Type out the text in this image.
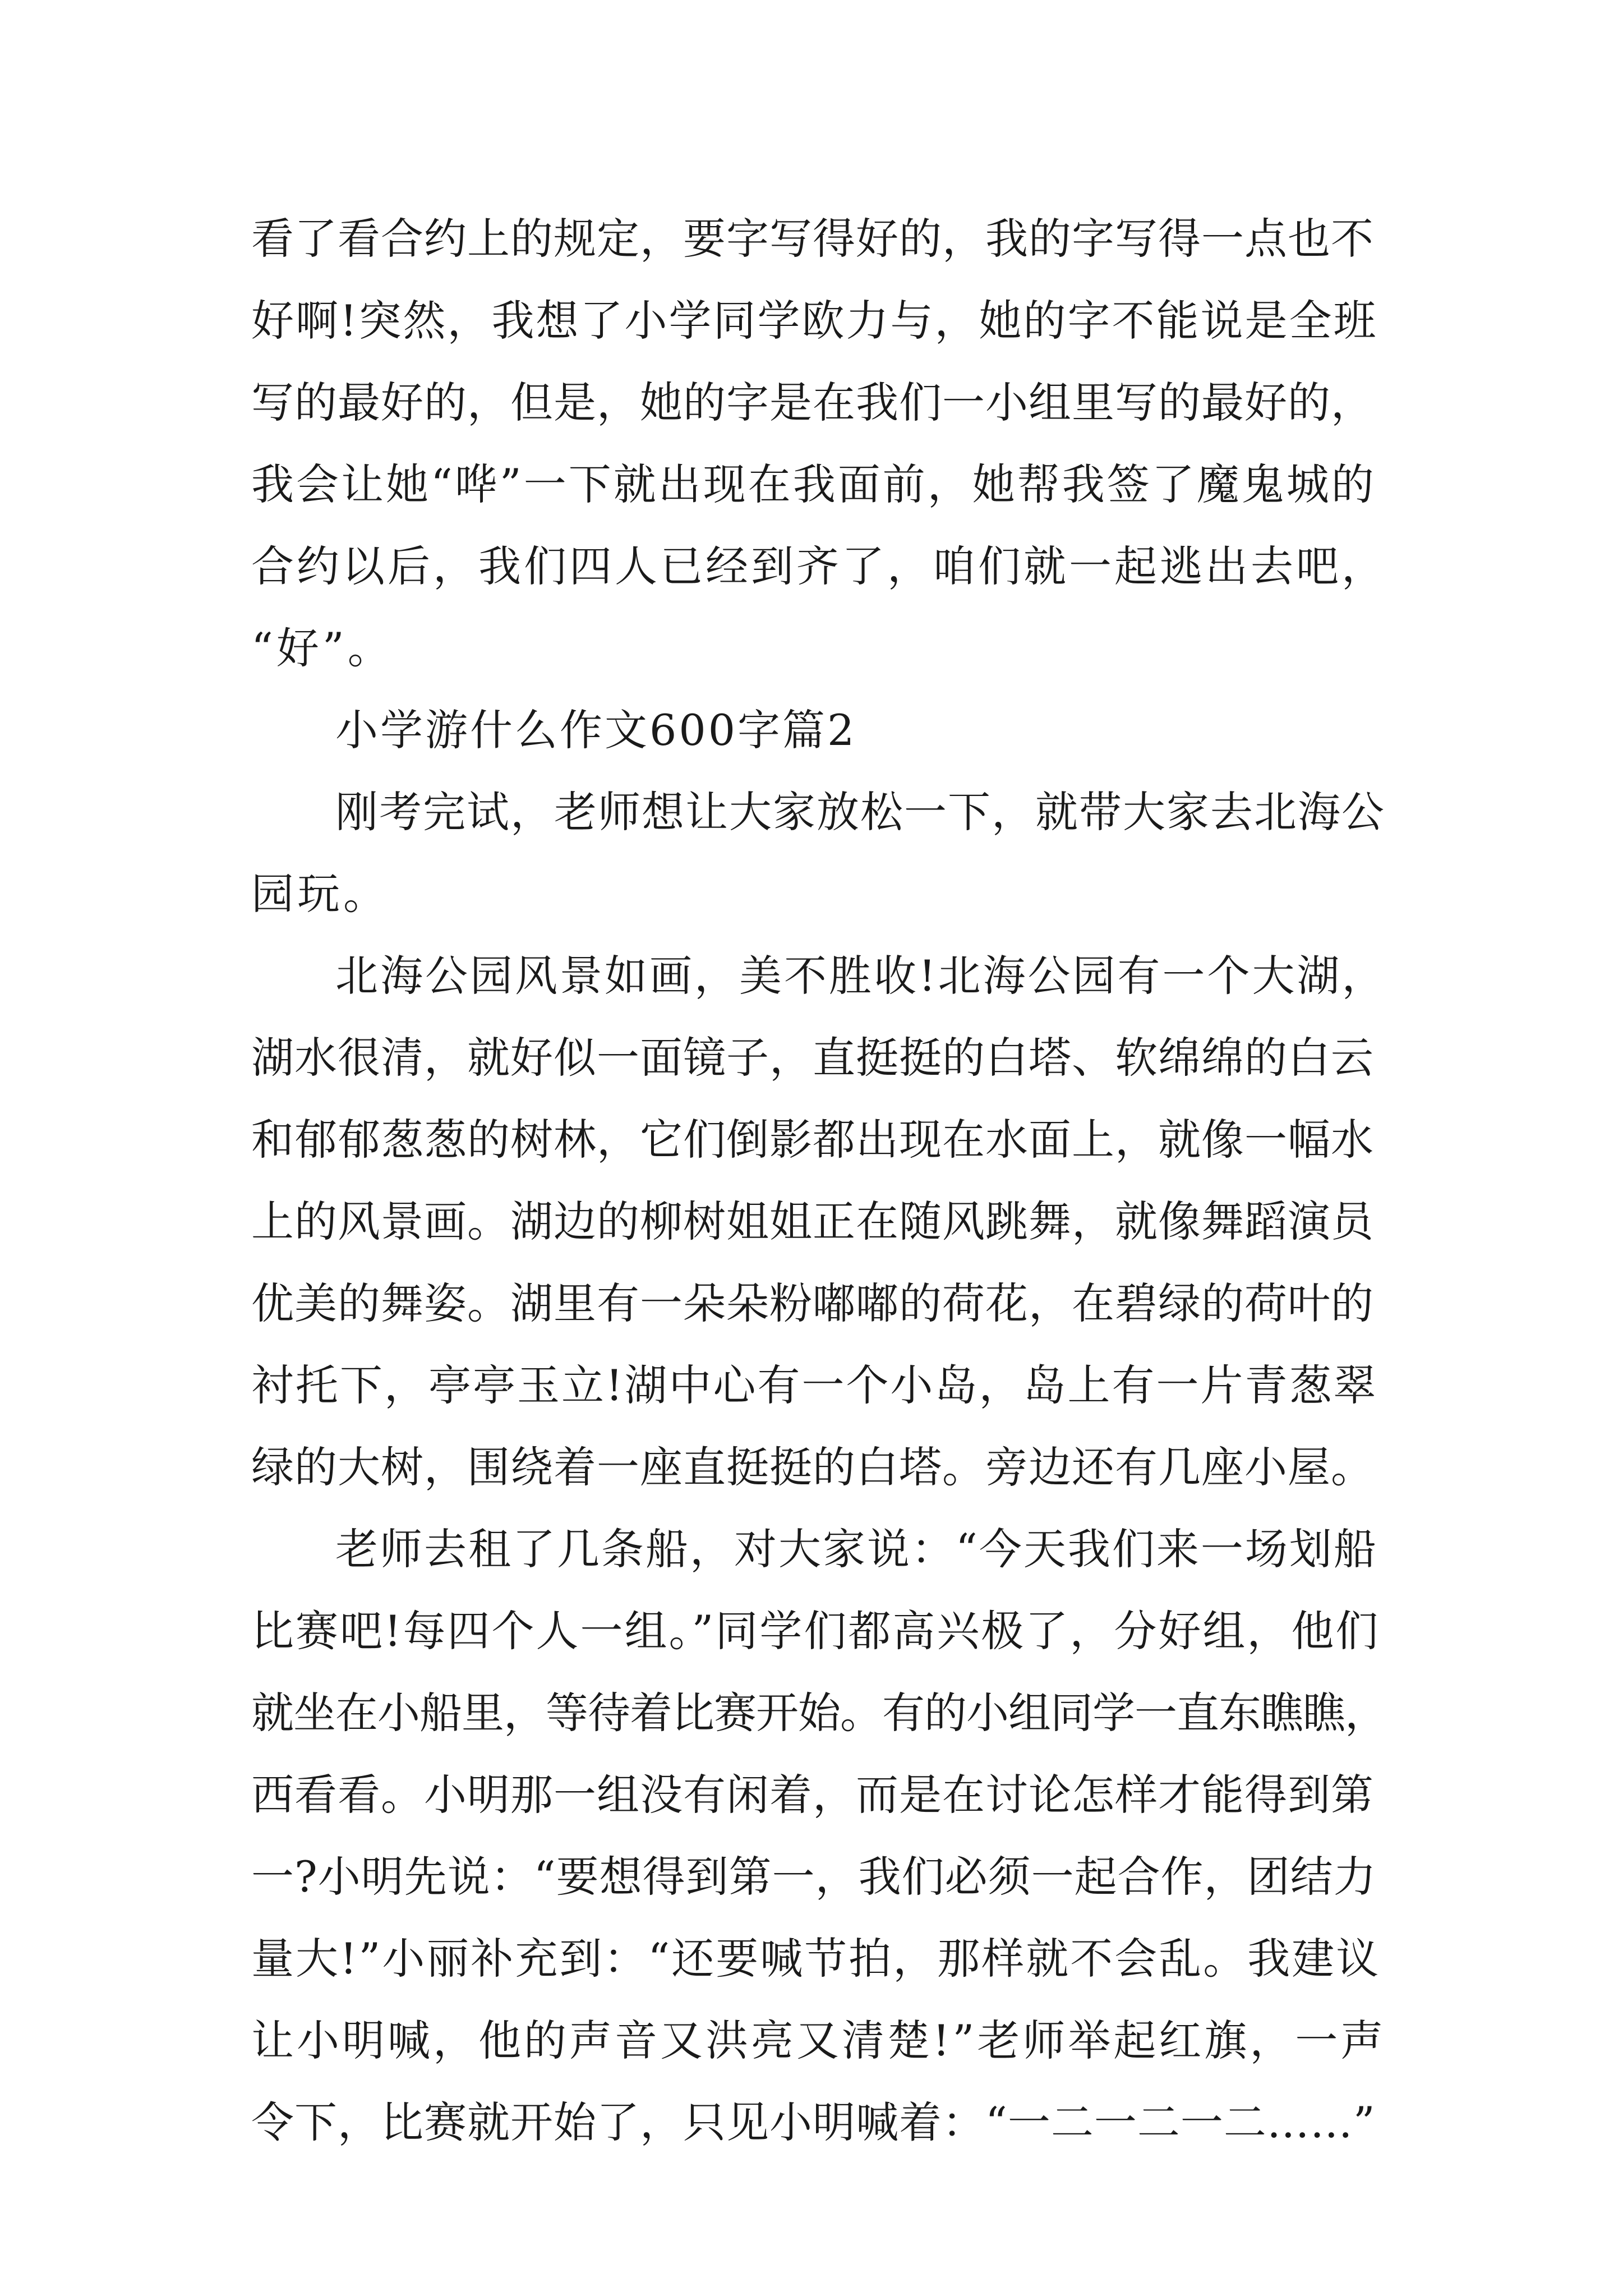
看了看合约上的规定，要字写得好的，我的字写得一点也不

好啊!突然，我想了小学同学欧力与，她的字不能说是全班

写的最好的，但是，她的字是在我们一小组里写的最好的，

我会让她“哗”一下就出现在我面前，她帮我签了魔鬼城的

合约以后，我们四人已经到齐了，咱们就一起逃出去吧，

“好”。

小学游什么作文600字篇2

刚考完试，老师想让大家放松一下，就带大家去北海公

园玩。

北海公园风景如画，美不胜收!北海公园有一个大湖，

湖水很清，就好似一面镜子，直挺挺的白塔、软绵绵的白云

和郁郁葱葱的树林，它们倒影都出现在水面上，就像一幅水

上的风景画。湖边的柳树姐姐正在随风跳舞，就像舞蹈演员

优美的舞姿。湖里有一朵朵粉嘟嘟的荷花，在碧绿的荷叶的

衬托下，亭亭玉立!湖中心有一个小岛，岛上有一片青葱翠

绿的大树，围绕着一座直挺挺的白塔。旁边还有几座小屋。

老师去租了几条船，对大家说：“今天我们来一场划船

比赛吧!每四个人一组。”同学们都高兴极了，分好组，他们

就坐在小船里，等待着比赛开始。有的小组同学一直东瞧瞧，

西看看。小明那一组没有闲着，而是在讨论怎样才能得到第

一?小明先说：“要想得到第一，我们必须一起合作，团结力

量大!”小丽补充到：“还要喊节拍，那样就不会乱。我建议

让小明喊，他的声音又洪亮又清楚!”老师举起红旗，一声

令下，比赛就开始了，只见小明喊着：“一二一二一二……”
